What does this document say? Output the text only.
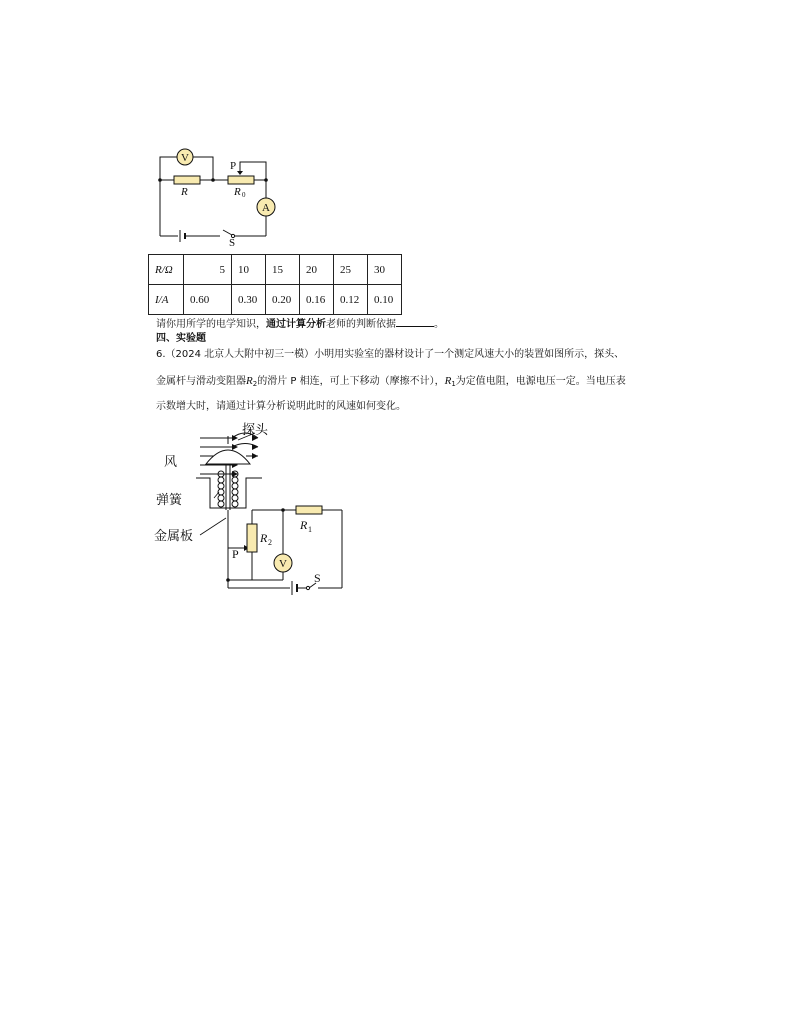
V
A
P
R	R 0
S
R/Ω	5	10	15	20	25	30
I/A	0.60	0.30	0.20	0.16	0.12	0.10
请你用所学的电学知识，通过计算分析老师的判断依据	。
四、实验题
6.（2024 北京人大附中初三一模）小明用实验室的器材设计了一个测定风速大小的装置如图所示，探头、
金属杆与滑动变阻器$R_2$的滑片 P 相连，可上下移动（摩擦不计），$R_1$为定值电阻，电源电压一定。当电压表
示数增大时，请通过计算分析说明此时的风速如何变化。
V
探头
风
弹簧
金属板
P
R 2
R 1
S
